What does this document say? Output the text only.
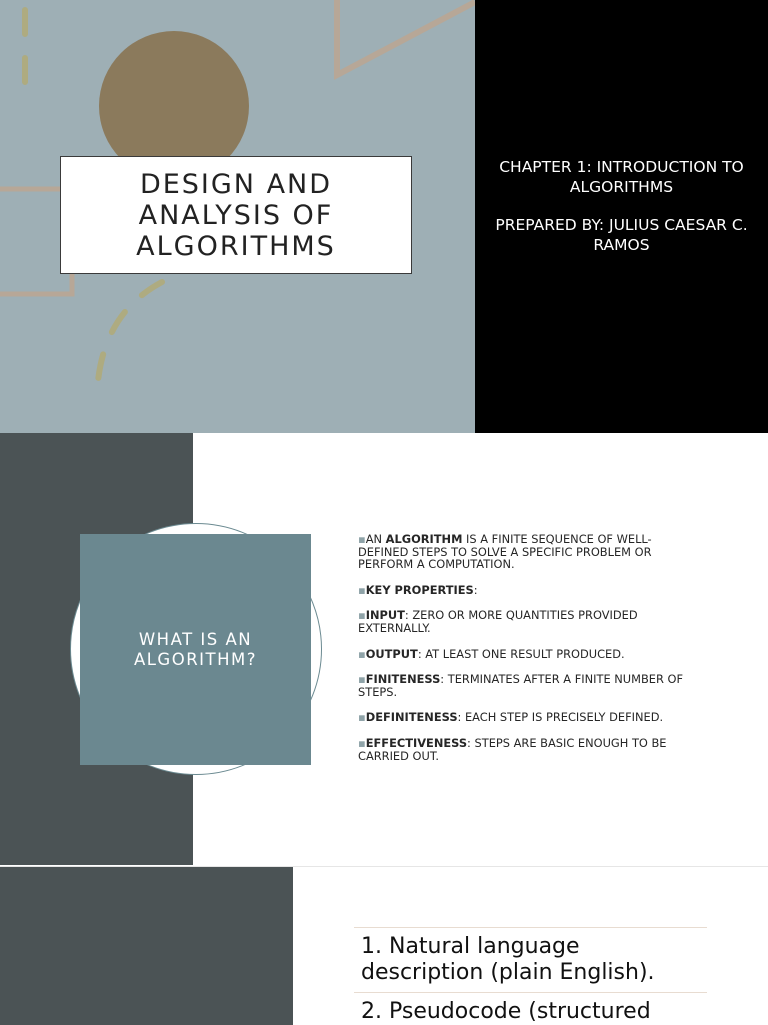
CHAPTER 1: INTRODUCTION TO ALGORITHMS

PREPARED BY: JULIUS CAESAR C. RAMOS

DESIGN AND ANALYSIS OF ALGORITHMS
WHAT IS AN ALGORITHM?

▪AN ALGORITHM IS A FINITE SEQUENCE OF WELL-DEFINED STEPS TO SOLVE A SPECIFIC PROBLEM OR PERFORM A COMPUTATION.

▪KEY PROPERTIES:

▪INPUT: ZERO OR MORE QUANTITIES PROVIDED EXTERNALLY.

▪OUTPUT: AT LEAST ONE RESULT PRODUCED.

▪FINITENESS: TERMINATES AFTER A FINITE NUMBER OF STEPS.

▪DEFINITENESS: EACH STEP IS PRECISELY DEFINED.

▪EFFECTIVENESS: STEPS ARE BASIC ENOUGH TO BE CARRIED OUT.

1. Natural language description (plain English).
2. Pseudocode (structured
